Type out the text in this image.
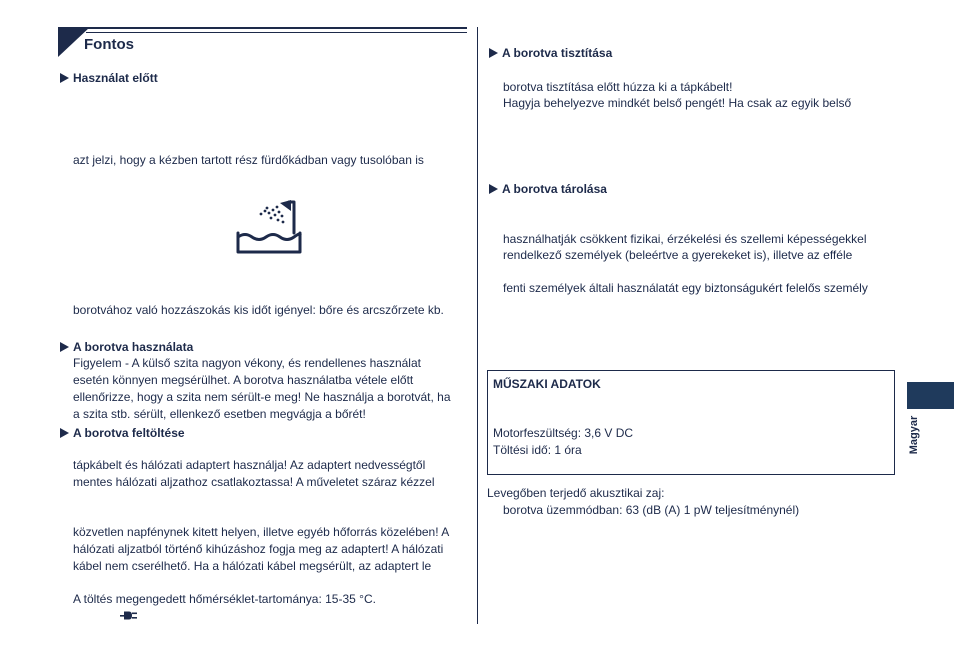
Fontos
Használat előtt
azt jelzi, hogy a kézben tartott rész fürdőkádban vagy tusolóban is
borotvához való hozzászokás kis időt igényel: bőre és arcszőrzete kb.
A borotva használata
Figyelem - A külső szita nagyon vékony, és rendellenes használat
esetén könnyen megsérülhet. A borotva használatba vétele előtt
ellenőrizze, hogy a szita nem sérült-e meg! Ne használja a borotvát, ha
a szita stb. sérült, ellenkező esetben megvágja a bőrét!
A borotva feltöltése
tápkábelt és hálózati adaptert használja! Az adaptert nedvességtől
mentes hálózati aljzathoz csatlakoztassa! A műveletet száraz kézzel
közvetlen napfénynek kitett helyen, illetve egyéb hőforrás közelében! A
hálózati aljzatból történő kihúzáshoz fogja meg az adaptert! A hálózati
kábel nem cserélhető. Ha a hálózati kábel megsérült, az adaptert le
A töltés megengedett hőmérséklet-tartománya: 15-35 °C.
A borotva tisztítása
borotva tisztítása előtt húzza ki a tápkábelt!
Hagyja behelyezve mindkét belső pengét! Ha csak az egyik belső
A borotva tárolása
használhatják csökkent fizikai, érzékelési és szellemi képességekkel
rendelkező személyek (beleértve a gyerekeket is), illetve az efféle
fenti személyek általi használatát egy biztonságukért felelős személy
MŰSZAKI ADATOK
Motorfeszültség: 3,6 V DC
Töltési idő: 1 óra
Levegőben terjedő akusztikai zaj:
borotva üzemmódban: 63 (dB (A) 1 pW teljesítménynél)
Magyar
